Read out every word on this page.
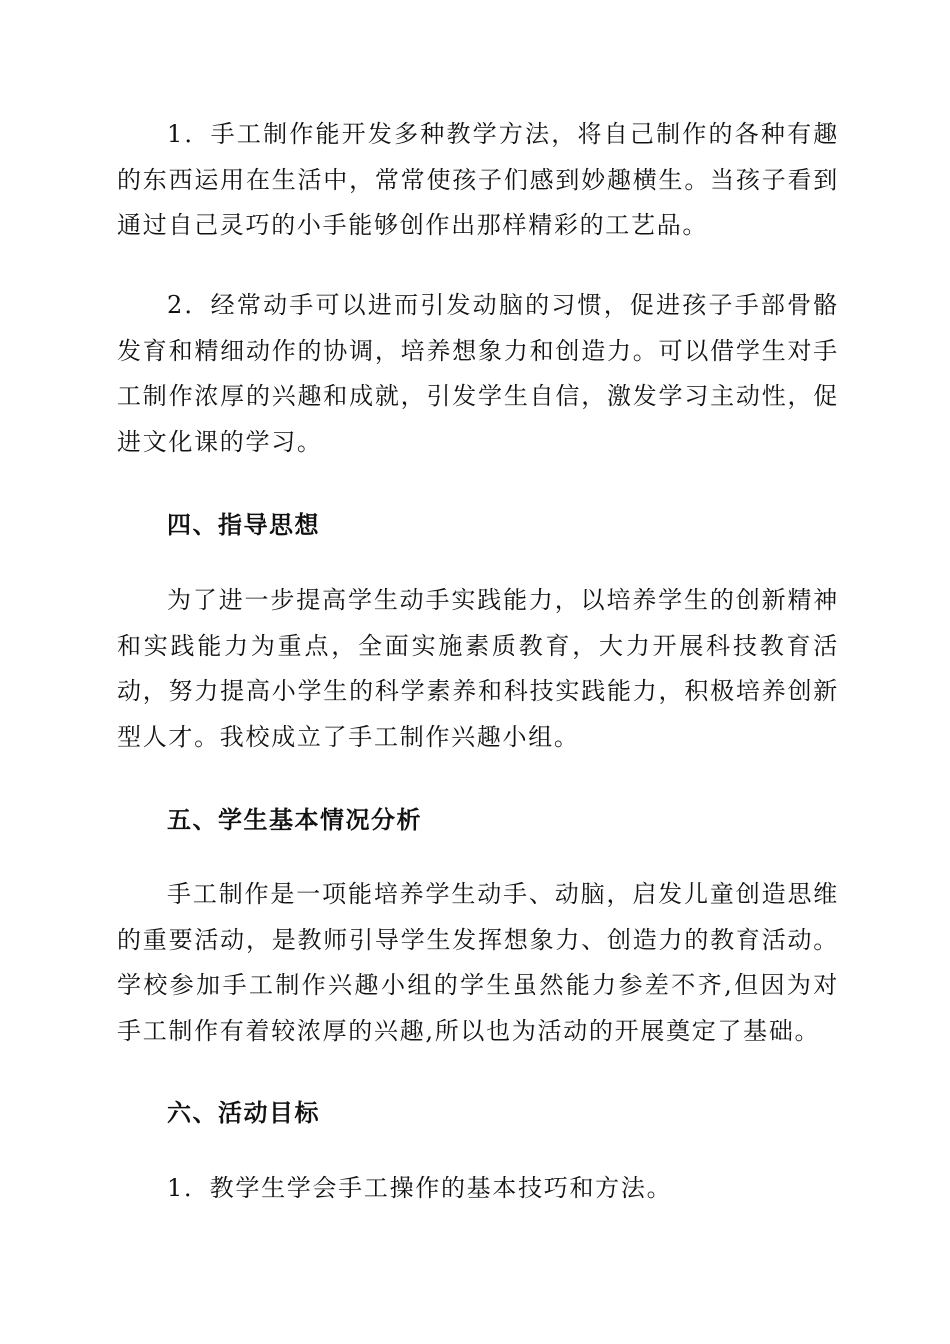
1．手工制作能开发多种教学方法，将自己制作的各种有趣的东西运用在生活中，常常使孩子们感到妙趣横生。当孩子看到通过自己灵巧的小手能够创作出那样精彩的工艺品。

2．经常动手可以进而引发动脑的习惯，促进孩子手部骨骼发育和精细动作的协调，培养想象力和创造力。可以借学生对手工制作浓厚的兴趣和成就，引发学生自信，激发学习主动性，促进文化课的学习。

四、指导思想

为了进一步提高学生动手实践能力，以培养学生的创新精神和实践能力为重点，全面实施素质教育，大力开展科技教育活动，努力提高小学生的科学素养和科技实践能力，积极培养创新型人才。我校成立了手工制作兴趣小组。

五、学生基本情况分析

手工制作是一项能培养学生动手、动脑，启发儿童创造思维的重要活动，是教师引导学生发挥想象力、创造力的教育活动。学校参加手工制作兴趣小组的学生虽然能力参差不齐,但因为对手工制作有着较浓厚的兴趣,所以也为活动的开展奠定了基础。

六、活动目标

1．教学生学会手工操作的基本技巧和方法。
